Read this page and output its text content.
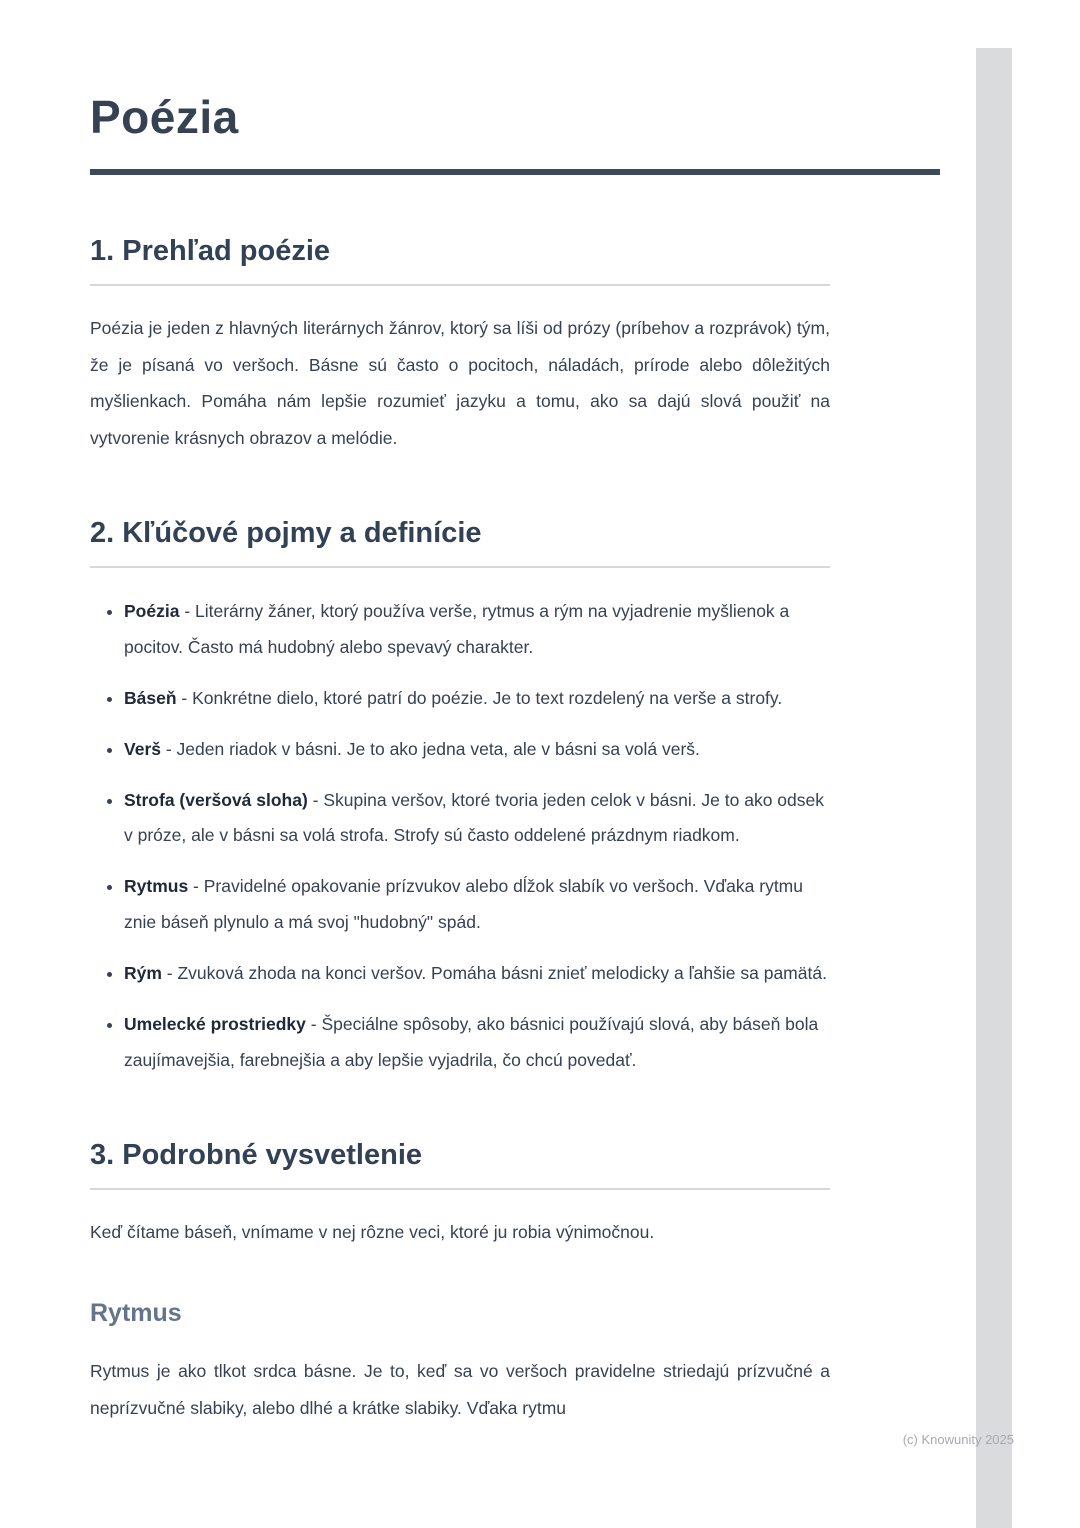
Poézia
1. Prehľad poézie

Poézia je jeden z hlavných literárnych žánrov, ktorý sa líši od prózy (príbehov a rozprávok) tým, že je písaná vo veršoch. Básne sú často o pocitoch, náladách, prírode alebo dôležitých myšlienkach. Pomáha nám lepšie rozumieť jazyku a tomu, ako sa dajú slová použiť na vytvorenie krásnych obrazov a melódie.

2. Kľúčové pojmy a definície
• Poézia - Literárny žáner, ktorý používa verše, rytmus a rým na vyjadrenie myšlienok a pocitov. Často má hudobný alebo spevavý charakter.
• Báseň - Konkrétne dielo, ktoré patrí do poézie. Je to text rozdelený na verše a strofy.
• Verš - Jeden riadok v básni. Je to ako jedna veta, ale v básni sa volá verš.
• Strofa (veršová sloha) - Skupina veršov, ktoré tvoria jeden celok v básni. Je to ako odsek v próze, ale v básni sa volá strofa. Strofy sú často oddelené prázdnym riadkom.
• Rytmus - Pravidelné opakovanie prízvukov alebo dĺžok slabík vo veršoch. Vďaka rytmu znie báseň plynulo a má svoj "hudobný" spád.
• Rým - Zvuková zhoda na konci veršov. Pomáha básni znieť melodicky a ľahšie sa pamätá.
• Umelecké prostriedky - Špeciálne spôsoby, ako básnici používajú slová, aby báseň bola zaujímavejšia, farebnejšia a aby lepšie vyjadrila, čo chcú povedať.
3. Podrobné vysvetlenie

Keď čítame báseň, vnímame v nej rôzne veci, ktoré ju robia výnimočnou.

Rytmus

Rytmus je ako tlkot srdca básne. Je to, keď sa vo veršoch pravidelne striedajú prízvučné a neprízvučné slabiky, alebo dlhé a krátke slabiky. Vďaka rytmu

(c) Knowunity 2025
